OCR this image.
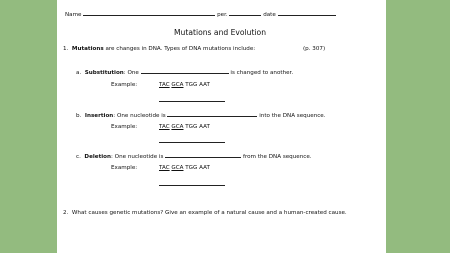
Name	per.	date
Mutations and Evolution
1. Mutations are changes in DNA. Types of DNA mutations include:	(p. 307)
a. Substitution: One	is changed to another.
Example:	TAC GCA TGG AAT
b. Insertion: One nucleotide is	into the DNA sequence.
Example:	TAC GCA TGG AAT
c. Deletion: One nucleotide is	from the DNA sequence.
Example:	TAC GCA TGG AAT
2. What causes genetic mutations? Give an example of a natural cause and a human-created cause.
